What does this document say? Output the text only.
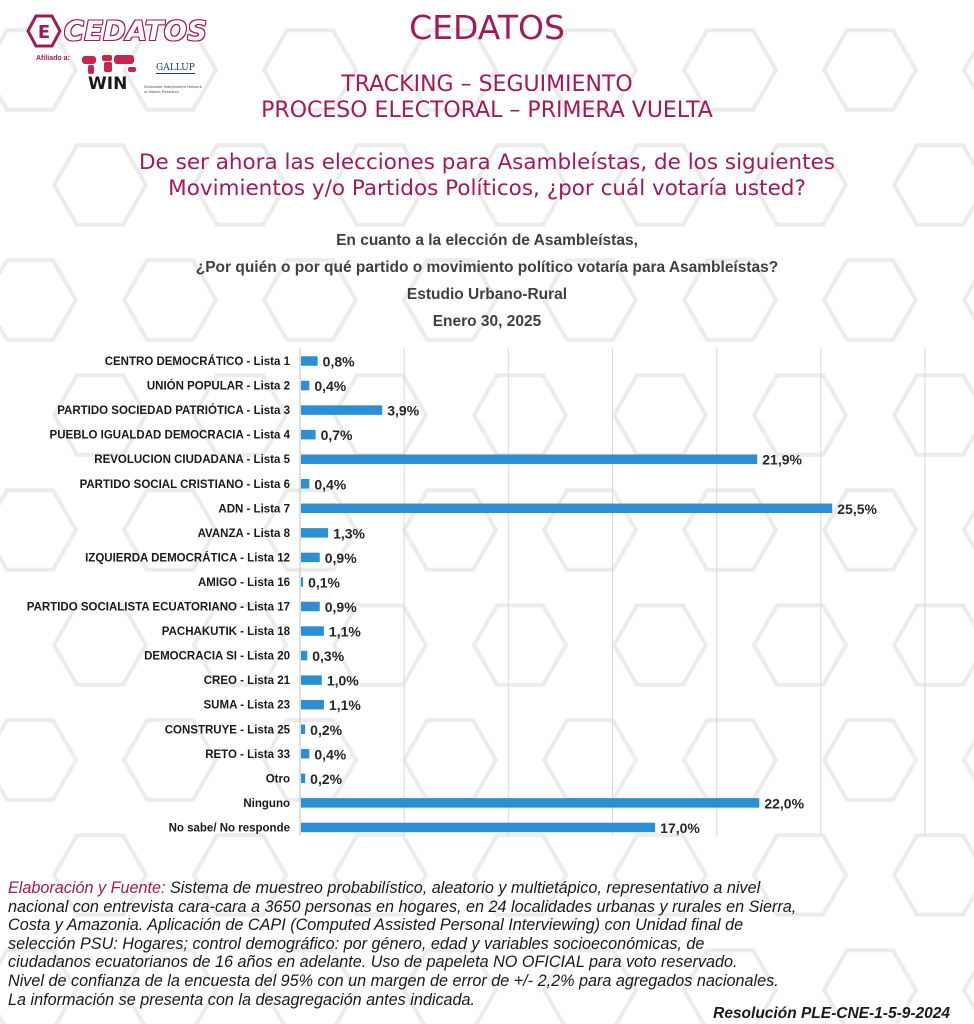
E CEDATOS
Afiliado a:
WIN
GALLUP
Worldwide Independent Network of Market Research
CEDATOS
TRACKING – SEGUIMIENTO
PROCESO ELECTORAL – PRIMERA VUELTA
De ser ahora las elecciones para Asambleístas, de los siguientes
Movimientos y/o Partidos Políticos, ¿por cuál votaría usted?
En cuanto a la elección de Asambleístas,
¿Por quién o por qué partido o movimiento político votaría para Asambleístas?
Estudio Urbano-Rural
Enero 30, 2025
CENTRO DEMOCRÁTICO - Lista 1 0,8%
UNIÓN POPULAR - Lista 2 0,4%
PARTIDO SOCIEDAD PATRIÓTICA - Lista 3	3,9%
PUEBLO IGUALDAD DEMOCRACIA - Lista 4 0,7%
REVOLUCION CIUDADANA - Lista 5	21,9%
PARTIDO SOCIAL CRISTIANO - Lista 6 0,4%
ADN - Lista 7	25,5%
AVANZA - Lista 8	1,3%
IZQUIERDA DEMOCRÁTICA - Lista 12 0,9%
AMIGO - Lista 16 0,1%
PARTIDO SOCIALISTA ECUATORIANO - Lista 17 0,9%
PACHAKUTIK - Lista 18	1,1%
DEMOCRACIA SI - Lista 20 0,3%
CREO - Lista 21	1,0%
SUMA - Lista 23	1,1%
CONSTRUYE - Lista 25 0,2%
RETO - Lista 33 0,4%
Otro 0,2%
Ninguno	22,0%
No sabe/ No responde	17,0%
Elaboración y Fuente: Sistema de muestreo probabilístico, aleatorio y multietápico, representativo a nivel
nacional con entrevista cara-cara a 3650 personas en hogares, en 24 localidades urbanas y rurales en Sierra,
Costa y Amazonia. Aplicación de CAPI (Computed Assisted Personal Interviewing) con Unidad final de
selección PSU: Hogares; control demográfico: por género, edad y variables socioeconómicas, de
ciudadanos ecuatorianos de 16 años en adelante. Uso de papeleta NO OFICIAL para voto reservado.
Nivel de confianza de la encuesta del 95% con un margen de error de +/- 2,2% para agregados nacionales.
La información se presenta con la desagregación antes indicada.
Resolución PLE-CNE-1-5-9-2024
